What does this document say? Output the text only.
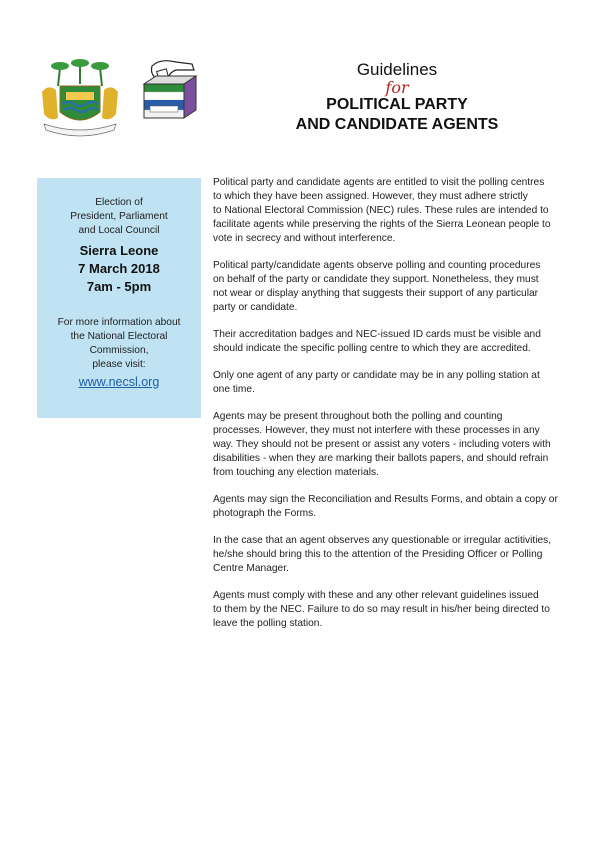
Guidelines
for
POLITICAL PARTY
AND CANDIDATE AGENTS
Election of
President, Parliament
and Local Council
Sierra Leone
7 March 2018
7am - 5pm
For more information about
the National Electoral
Commission,
please visit:
www.necsl.org

Political party and candidate agents are entitled to visit the polling centres
to which they have been assigned. However, they must adhere strictly
to National Electoral Commission (NEC) rules. These rules are intended to
facilitate agents while preserving the rights of the Sierra Leonean people to
vote in secrecy and without interference.

Political party/candidate agents observe polling and counting procedures
on behalf of the party or candidate they support. Nonetheless, they must
not wear or display anything that suggests their support of any particular
party or candidate.

Their accreditation badges and NEC-issued ID cards must be visible and
should indicate the specific polling centre to which they are accredited.

Only one agent of any party or candidate may be in any polling station at
one time.

Agents may be present throughout both the polling and counting
processes. However, they must not interfere with these processes in any
way. They should not be present or assist any voters - including voters with
disabilities - when they are marking their ballots papers, and should refrain
from touching any election materials.

Agents may sign the Reconciliation and Results Forms, and obtain a copy or
photograph the Forms.

In the case that an agent observes any questionable or irregular actitivities,
he/she should bring this to the attention of the Presiding Officer or Polling
Centre Manager.

Agents must comply with these and any other relevant guidelines issued
to them by the NEC. Failure to do so may result in his/her being directed to
leave the polling station.
